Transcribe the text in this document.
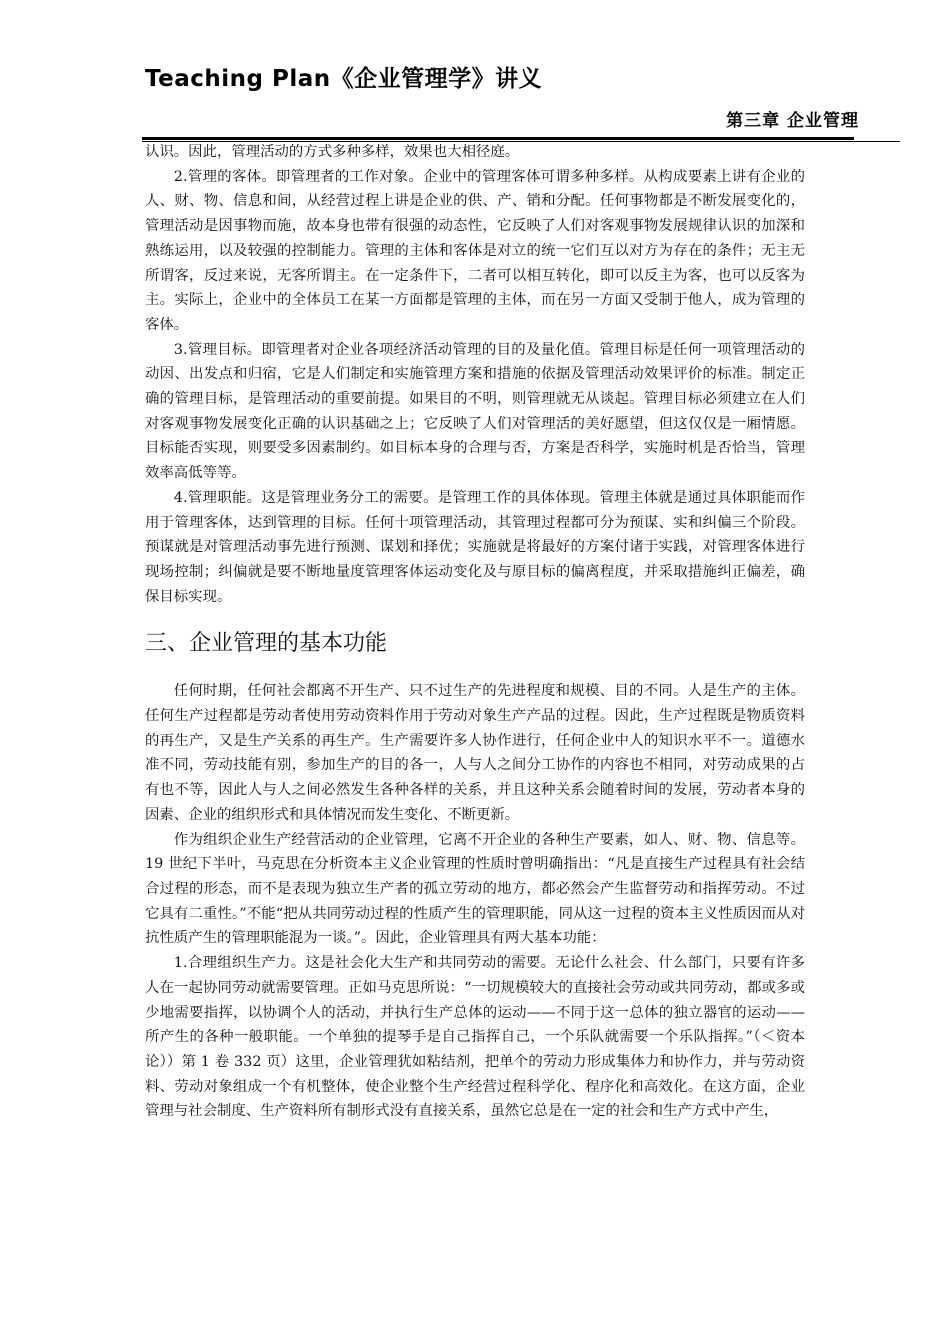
Teaching Plan《企业管理学》讲义
第三章 企业管理

认识。因此，管理活动的方式多种多样，效果也大相径庭。

2.管理的客体。即管理者的工作对象。企业中的管理客体可谓多种多样。从构成要素上讲有企业的人、财、物、信息和间，从经营过程上讲是企业的供、产、销和分配。任何事物都是不断发展变化的，管理活动是因事物而施，故本身也带有很强的动态性，它反映了人们对客观事物发展规律认识的加深和熟练运用，以及较强的控制能力。管理的主体和客体是对立的统一它们互以对方为存在的条件；无主无所谓客，反过来说，无客所谓主。在一定条件下，二者可以相互转化，即可以反主为客，也可以反客为主。实际上，企业中的全体员工在某一方面都是管理的主体，而在另一方面又受制于他人，成为管理的客体。

3.管理目标。即管理者对企业各项经济活动管理的目的及量化值。管理目标是任何一项管理活动的动因、出发点和归宿，它是人们制定和实施管理方案和措施的依据及管理活动效果评价的标准。制定正确的管理目标，是管理活动的重要前提。如果目的不明，则管理就无从谈起。管理目标必须建立在人们对客观事物发展变化正确的认识基础之上；它反映了人们对管理活的美好愿望，但这仅仅是一厢情愿。目标能否实现，则要受多因素制约。如目标本身的合理与否，方案是否科学，实施时机是否恰当，管理效率高低等等。

4.管理职能。这是管理业务分工的需要。是管理工作的具体体现。管理主体就是通过具体职能而作用于管理客体，达到管理的目标。任何十项管理活动，其管理过程都可分为预谋、实和纠偏三个阶段。预谋就是对管理活动事先进行预测、谋划和择优；实施就是将最好的方案付诸于实践，对管理客体进行现场控制；纠偏就是要不断地量度管理客体运动变化及与原目标的偏离程度，并采取措施纠正偏差，确保目标实现。

三、企业管理的基本功能

任何时期，任何社会都离不开生产、只不过生产的先进程度和规模、目的不同。人是生产的主体。任何生产过程都是劳动者使用劳动资料作用于劳动对象生产产品的过程。因此，生产过程既是物质资料的再生产，又是生产关系的再生产。生产需要许多人协作进行，任何企业中人的知识水平不一。道德水准不同，劳动技能有别，参加生产的目的各一，人与人之间分工协作的内容也不相同，对劳动成果的占有也不等，因此人与人之间必然发生各种各样的关系，并且这种关系会随着时间的发展，劳动者本身的因素、企业的组织形式和具体情况而发生变化、不断更新。

作为组织企业生产经营活动的企业管理，它离不开企业的各种生产要素，如人、财、物、信息等。19 世纪下半叶，马克思在分析资本主义企业管理的性质时曾明确指出：“凡是直接生产过程具有社会结合过程的形态，而不是表现为独立生产者的孤立劳动的地方，都必然会产生监督劳动和指挥劳动。不过它具有二重性。”不能“把从共同劳动过程的性质产生的管理职能，同从这一过程的资本主义性质因而从对抗性质产生的管理职能混为一谈。”。因此，企业管理具有两大基本功能：

1.合理组织生产力。这是社会化大生产和共同劳动的需要。无论什么社会、什么部门，只要有许多人在一起协同劳动就需要管理。正如马克思所说：“一切规模较大的直接社会劳动或共同劳动，都或多或少地需要指挥，以协调个人的活动，并执行生产总体的运动——不同于这一总体的独立器官的运动——所产生的各种一般职能。一个单独的提琴手是自己指挥自己，一个乐队就需要一个乐队指挥。”（＜资本论））第 1 卷 332 页）这里，企业管理犹如粘结剂，把单个的劳动力形成集体力和协作力，并与劳动资料、劳动对象组成一个有机整体，使企业整个生产经营过程科学化、程序化和高效化。在这方面，企业管理与社会制度、生产资料所有制形式没有直接关系，虽然它总是在一定的社会和生产方式中产生，
